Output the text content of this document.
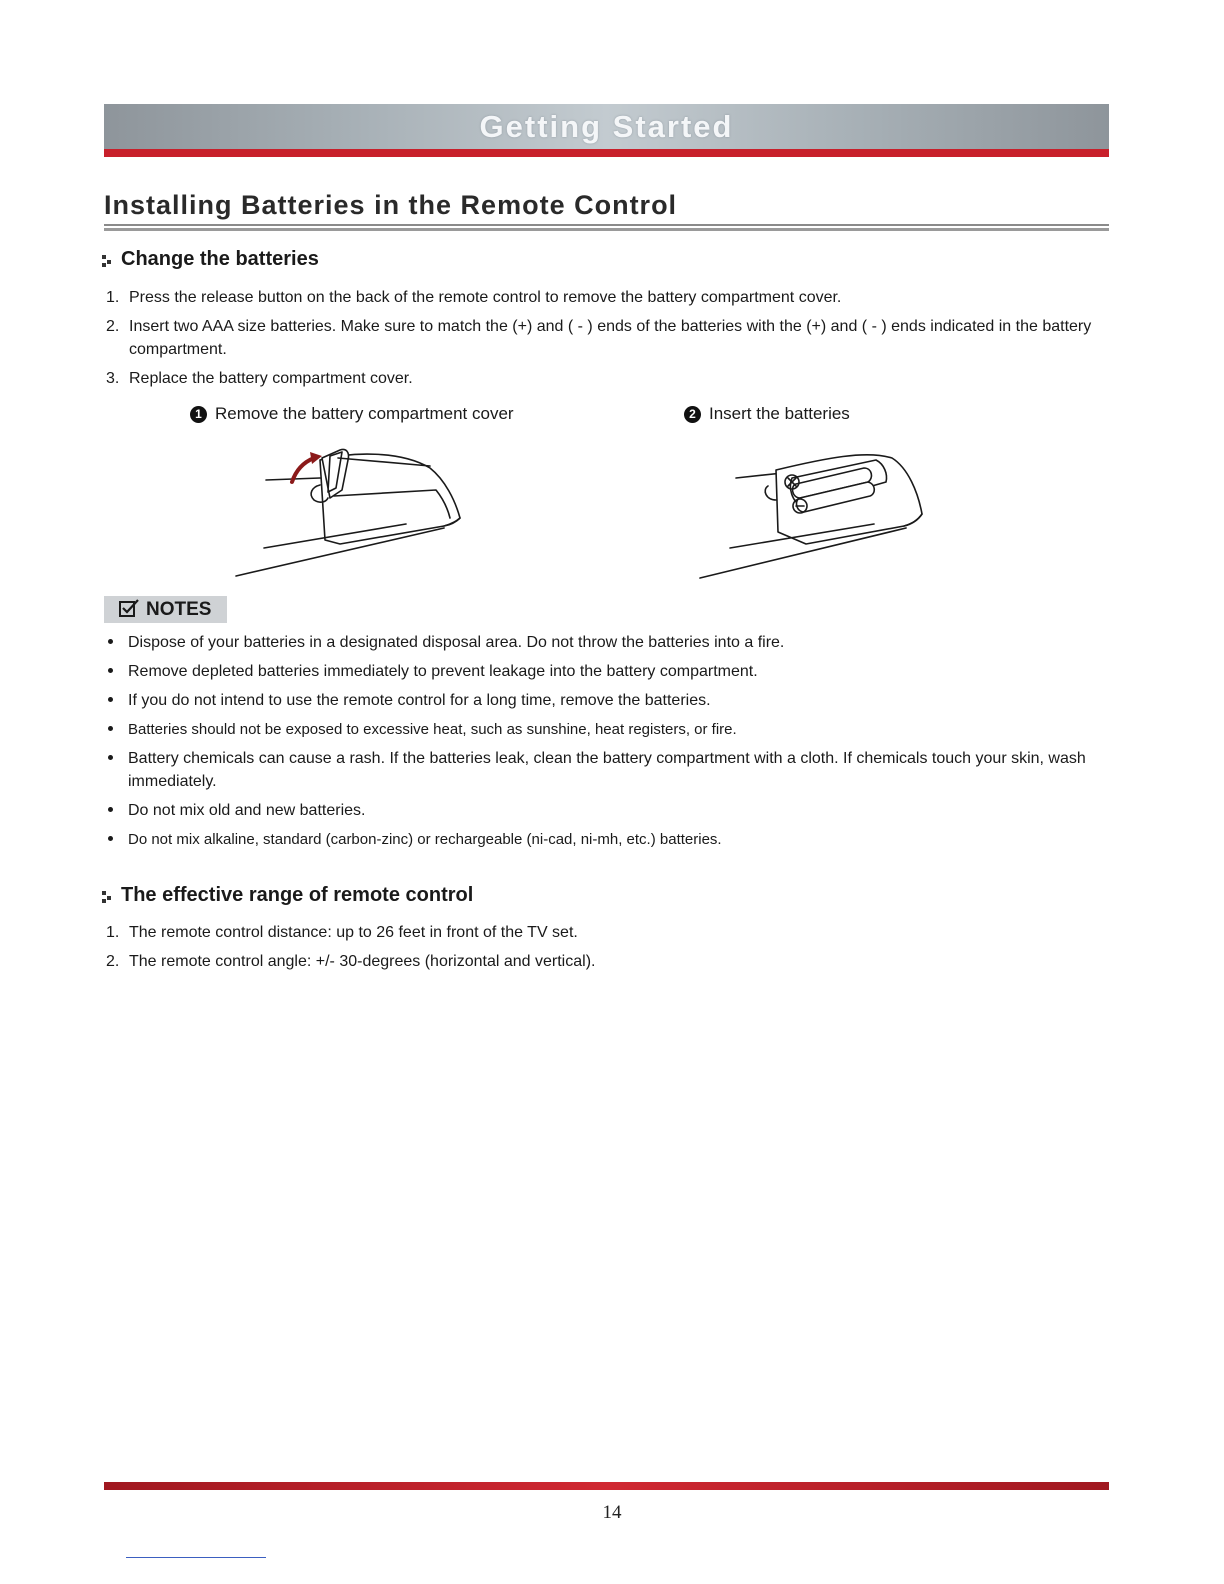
Getting Started
Installing Batteries in the Remote Control
Change the batteries
1. Press the release button on the back of the remote control to remove the battery compartment cover.
2. Insert two AAA size batteries. Make sure to match the (+) and ( - ) ends of the batteries with the (+) and ( - ) ends indicated in the battery compartment.
3. Replace the battery compartment cover.
1 Remove the battery compartment cover	2 Insert the batteries
NOTES
Dispose of your batteries in a designated disposal area. Do not throw the batteries into a fire.
Remove depleted batteries immediately to prevent leakage into the battery compartment.
If you do not intend to use the remote control for a long time, remove the batteries.
Batteries should not be exposed to excessive heat, such as sunshine, heat registers, or fire.
Battery chemicals can cause a rash. If the batteries leak, clean the battery compartment with a cloth. If chemicals touch your skin, wash immediately.
Do not mix old and new batteries.
Do not mix alkaline, standard (carbon-zinc) or rechargeable (ni-cad, ni-mh, etc.) batteries.
The effective range of remote control
1. The remote control distance: up to 26 feet in front of the TV set.
2. The remote control angle: +/- 30-degrees (horizontal and vertical).
14
